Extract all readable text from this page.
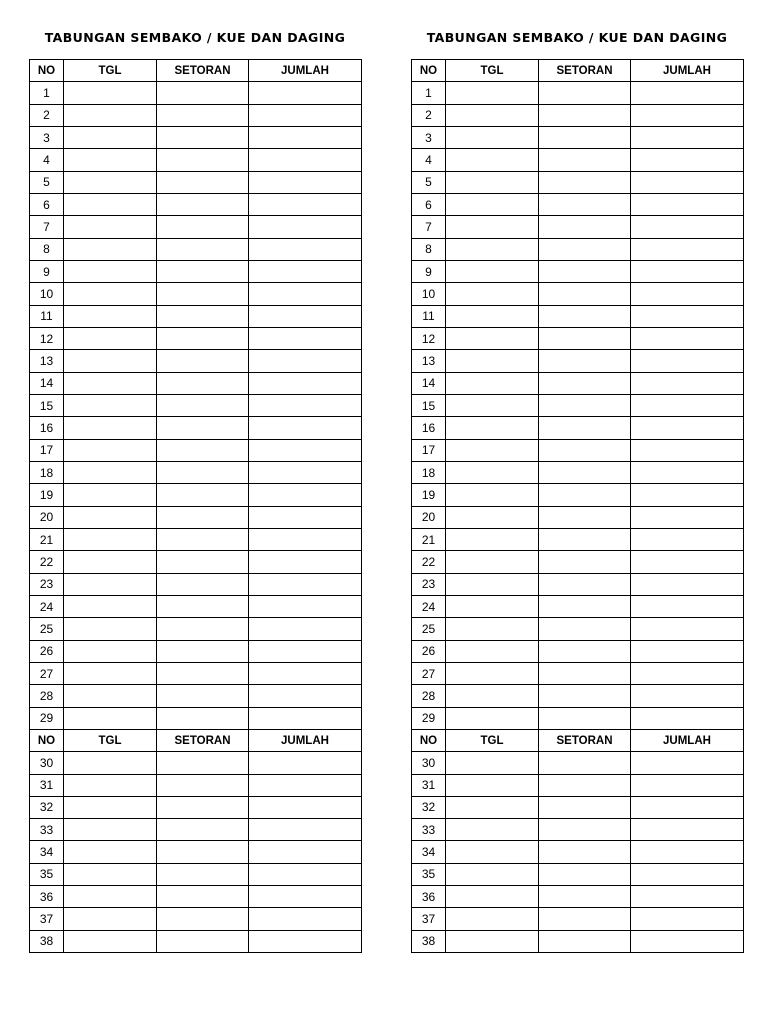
TABUNGAN SEMBAKO / KUE DAN DAGING
NO	TGL	SETORAN	JUMLAH
1			
2			
3			
4			
5			
6			
7			
8			
9			
10			
11			
12			
13			
14			
15			
16			
17			
18			
19			
20			
21			
22			
23			
24			
25			
26			
27			
28			
29			
NO	TGL	SETORAN	JUMLAH
30			
31			
32			
33			
34			
35			
36			
37			
38			
TABUNGAN SEMBAKO / KUE DAN DAGING
NO	TGL	SETORAN	JUMLAH
1			
2			
3			
4			
5			
6			
7			
8			
9			
10			
11			
12			
13			
14			
15			
16			
17			
18			
19			
20			
21			
22			
23			
24			
25			
26			
27			
28			
29			
NO	TGL	SETORAN	JUMLAH
30			
31			
32			
33			
34			
35			
36			
37			
38			
